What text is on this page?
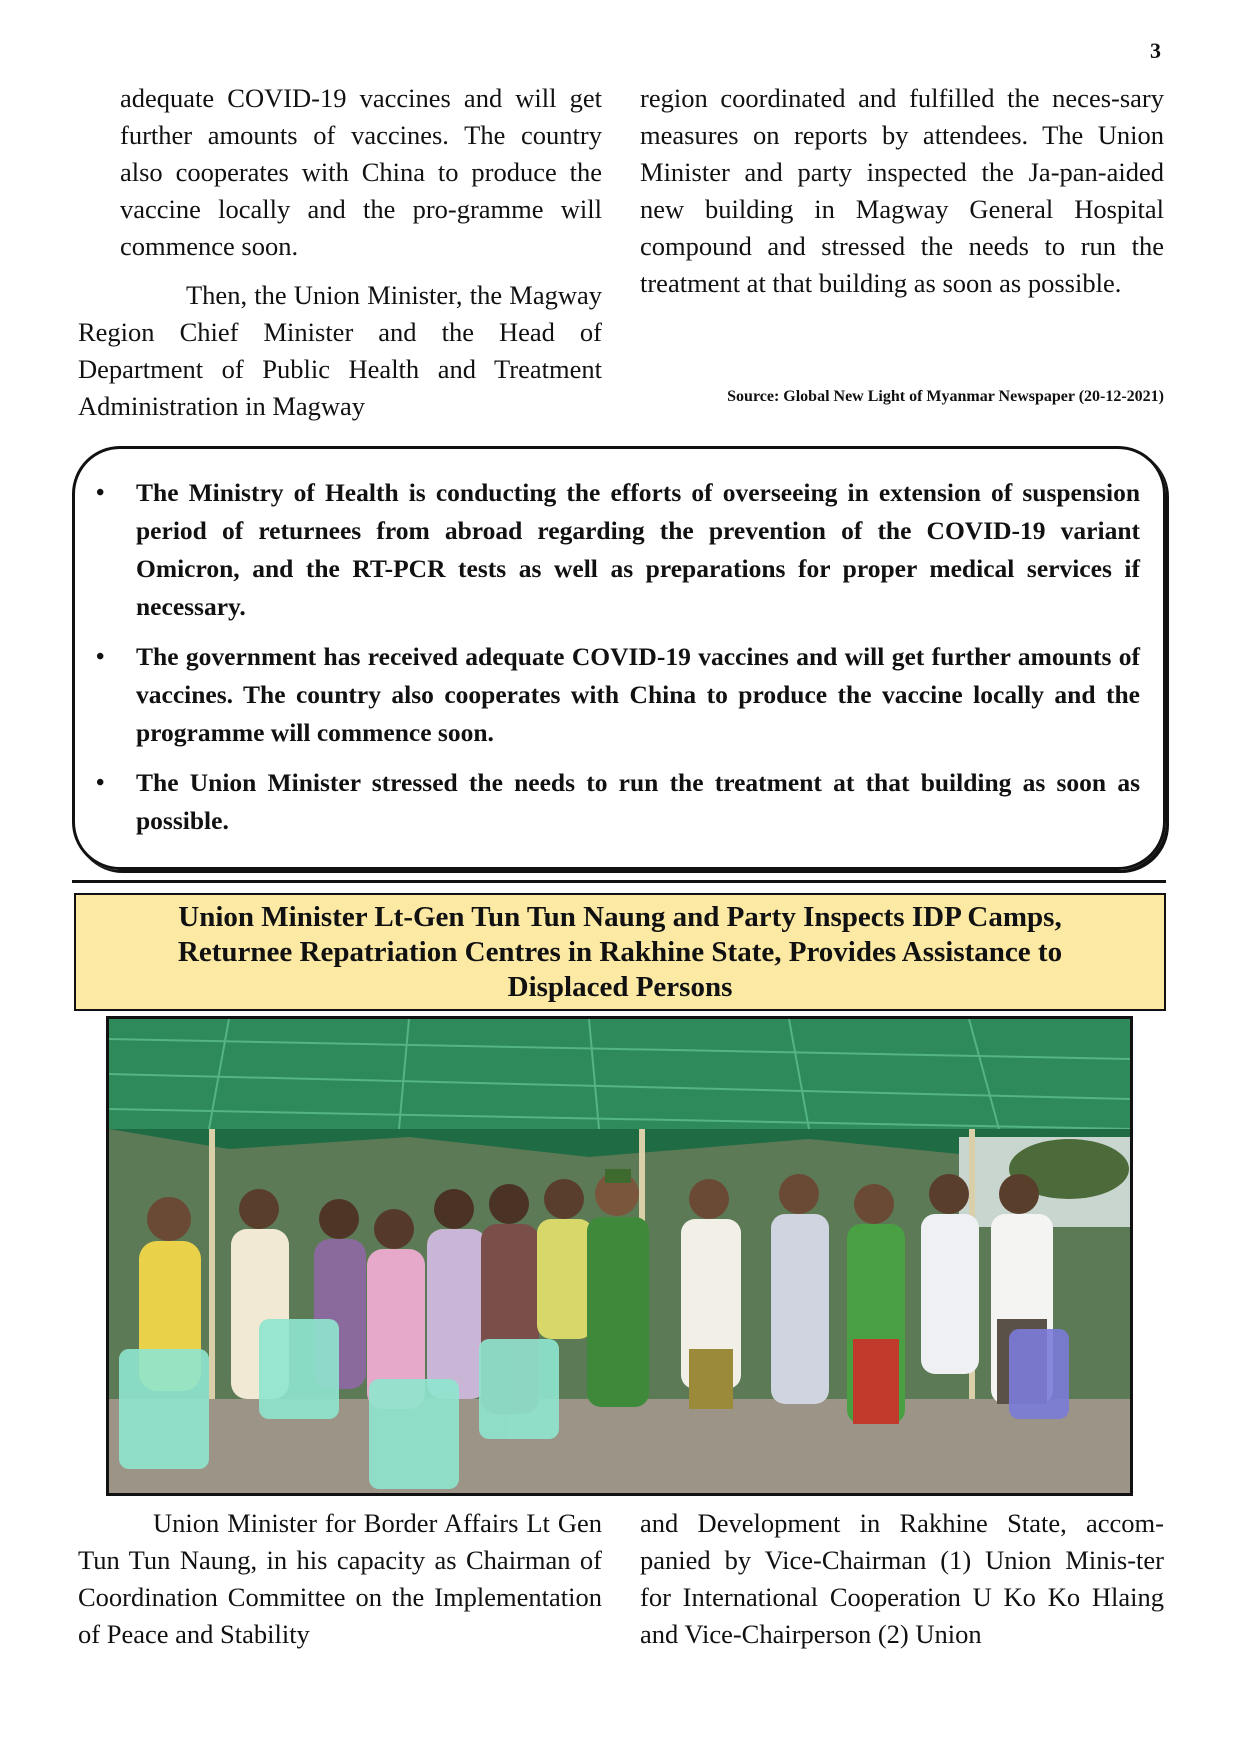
3

adequate COVID-19 vaccines and will get further amounts of vaccines. The country also cooperates with China to produce the vaccine locally and the pro-gramme will commence soon.

Then, the Union Minister, the Magway Region Chief Minister and the Head of Department of Public Health and Treatment Administration in Magway

region coordinated and fulfilled the neces-sary measures on reports by attendees. The Union Minister and party inspected the Ja-pan-aided new building in Magway General Hospital compound and stressed the needs to run the treatment at that building as soon as possible.

Source: Global New Light of Myanmar Newspaper (20-12-2021)
• The Ministry of Health is conducting the efforts of overseeing in extension of suspension period of returnees from abroad regarding the prevention of the COVID-19 variant Omicron, and the RT-PCR tests as well as preparations for proper medical services if necessary.
• The government has received adequate COVID-19 vaccines and will get further amounts of vaccines. The country also cooperates with China to produce the vaccine locally and the programme will commence soon.
• The Union Minister stressed the needs to run the treatment at that building as soon as possible.
Union Minister Lt-Gen Tun Tun Naung and Party Inspects IDP Camps, Returnee Repatriation Centres in Rakhine State, Provides Assistance to Displaced Persons

Union Minister for Border Affairs Lt Gen Tun Tun Naung, in his capacity as Chairman of Coordination Committee on the Implementation of Peace and Stability

and Development in Rakhine State, accom-panied by Vice-Chairman (1) Union Minis-ter for International Cooperation U Ko Ko Hlaing and Vice-Chairperson (2) Union
